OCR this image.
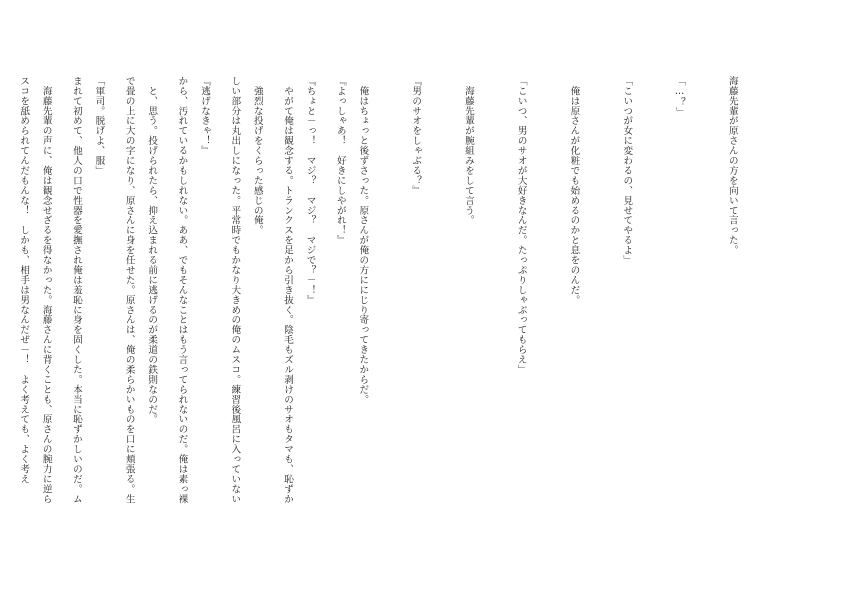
海藤先輩が原さんの方を向いて言った。

「…？」

「こいつが女に変わるの、見せてやるよ」

　俺は原さんが化粧でも始めるのかと息をのんだ。

「こいつ、男のサオが大好きなんだ。たっぷりしゃぶってもらえ」

　海藤先輩が腕組みをして言う。

『男のサオをしゃぶる？』

　俺はちょっと後ずさった。原さんが俺の方ににじり寄ってきたからだ。

『ちょと－っ！　マジ？　マジ？　マジで？－！』

　強烈な投げをくらった感じの俺。

『逃げなきゃ！』

　と、思う。投げられたら、抑え込まれる前に逃げるのが柔道の鉄則なのだ。

「軍司。脱げよ、服」

　海藤先輩の声に、俺は観念せざるを得なかった。海藤さんに背くことも、原さんの腕力に逆ら

	『よっしゃあ！　好きにしやがれ！』

　やがて俺は観念する。トランクスを足から引き抜く。陰毛もズル剥けのサオもタマも、恥ずか

しい部分は丸出しになった。平常時でもかなり大きめの俺のムスコ。練習後風呂に入っていない

から、汚れているかもしれない。ああ、でもそんなことはもう言ってられないのだ。俺は素っ裸

で畳の上に大の字になり、原さんに身を任せた。原さんは、俺の柔らかいものを口に頬張る。生

まれて初めて、他人の口で性器を愛撫され俺は羞恥に身を固くした。本当に恥ずかしいのだ。ム

スコを舐められてんだもんな！　しかも、相手は男なんだぜ－！　よく考えても、よく考え
